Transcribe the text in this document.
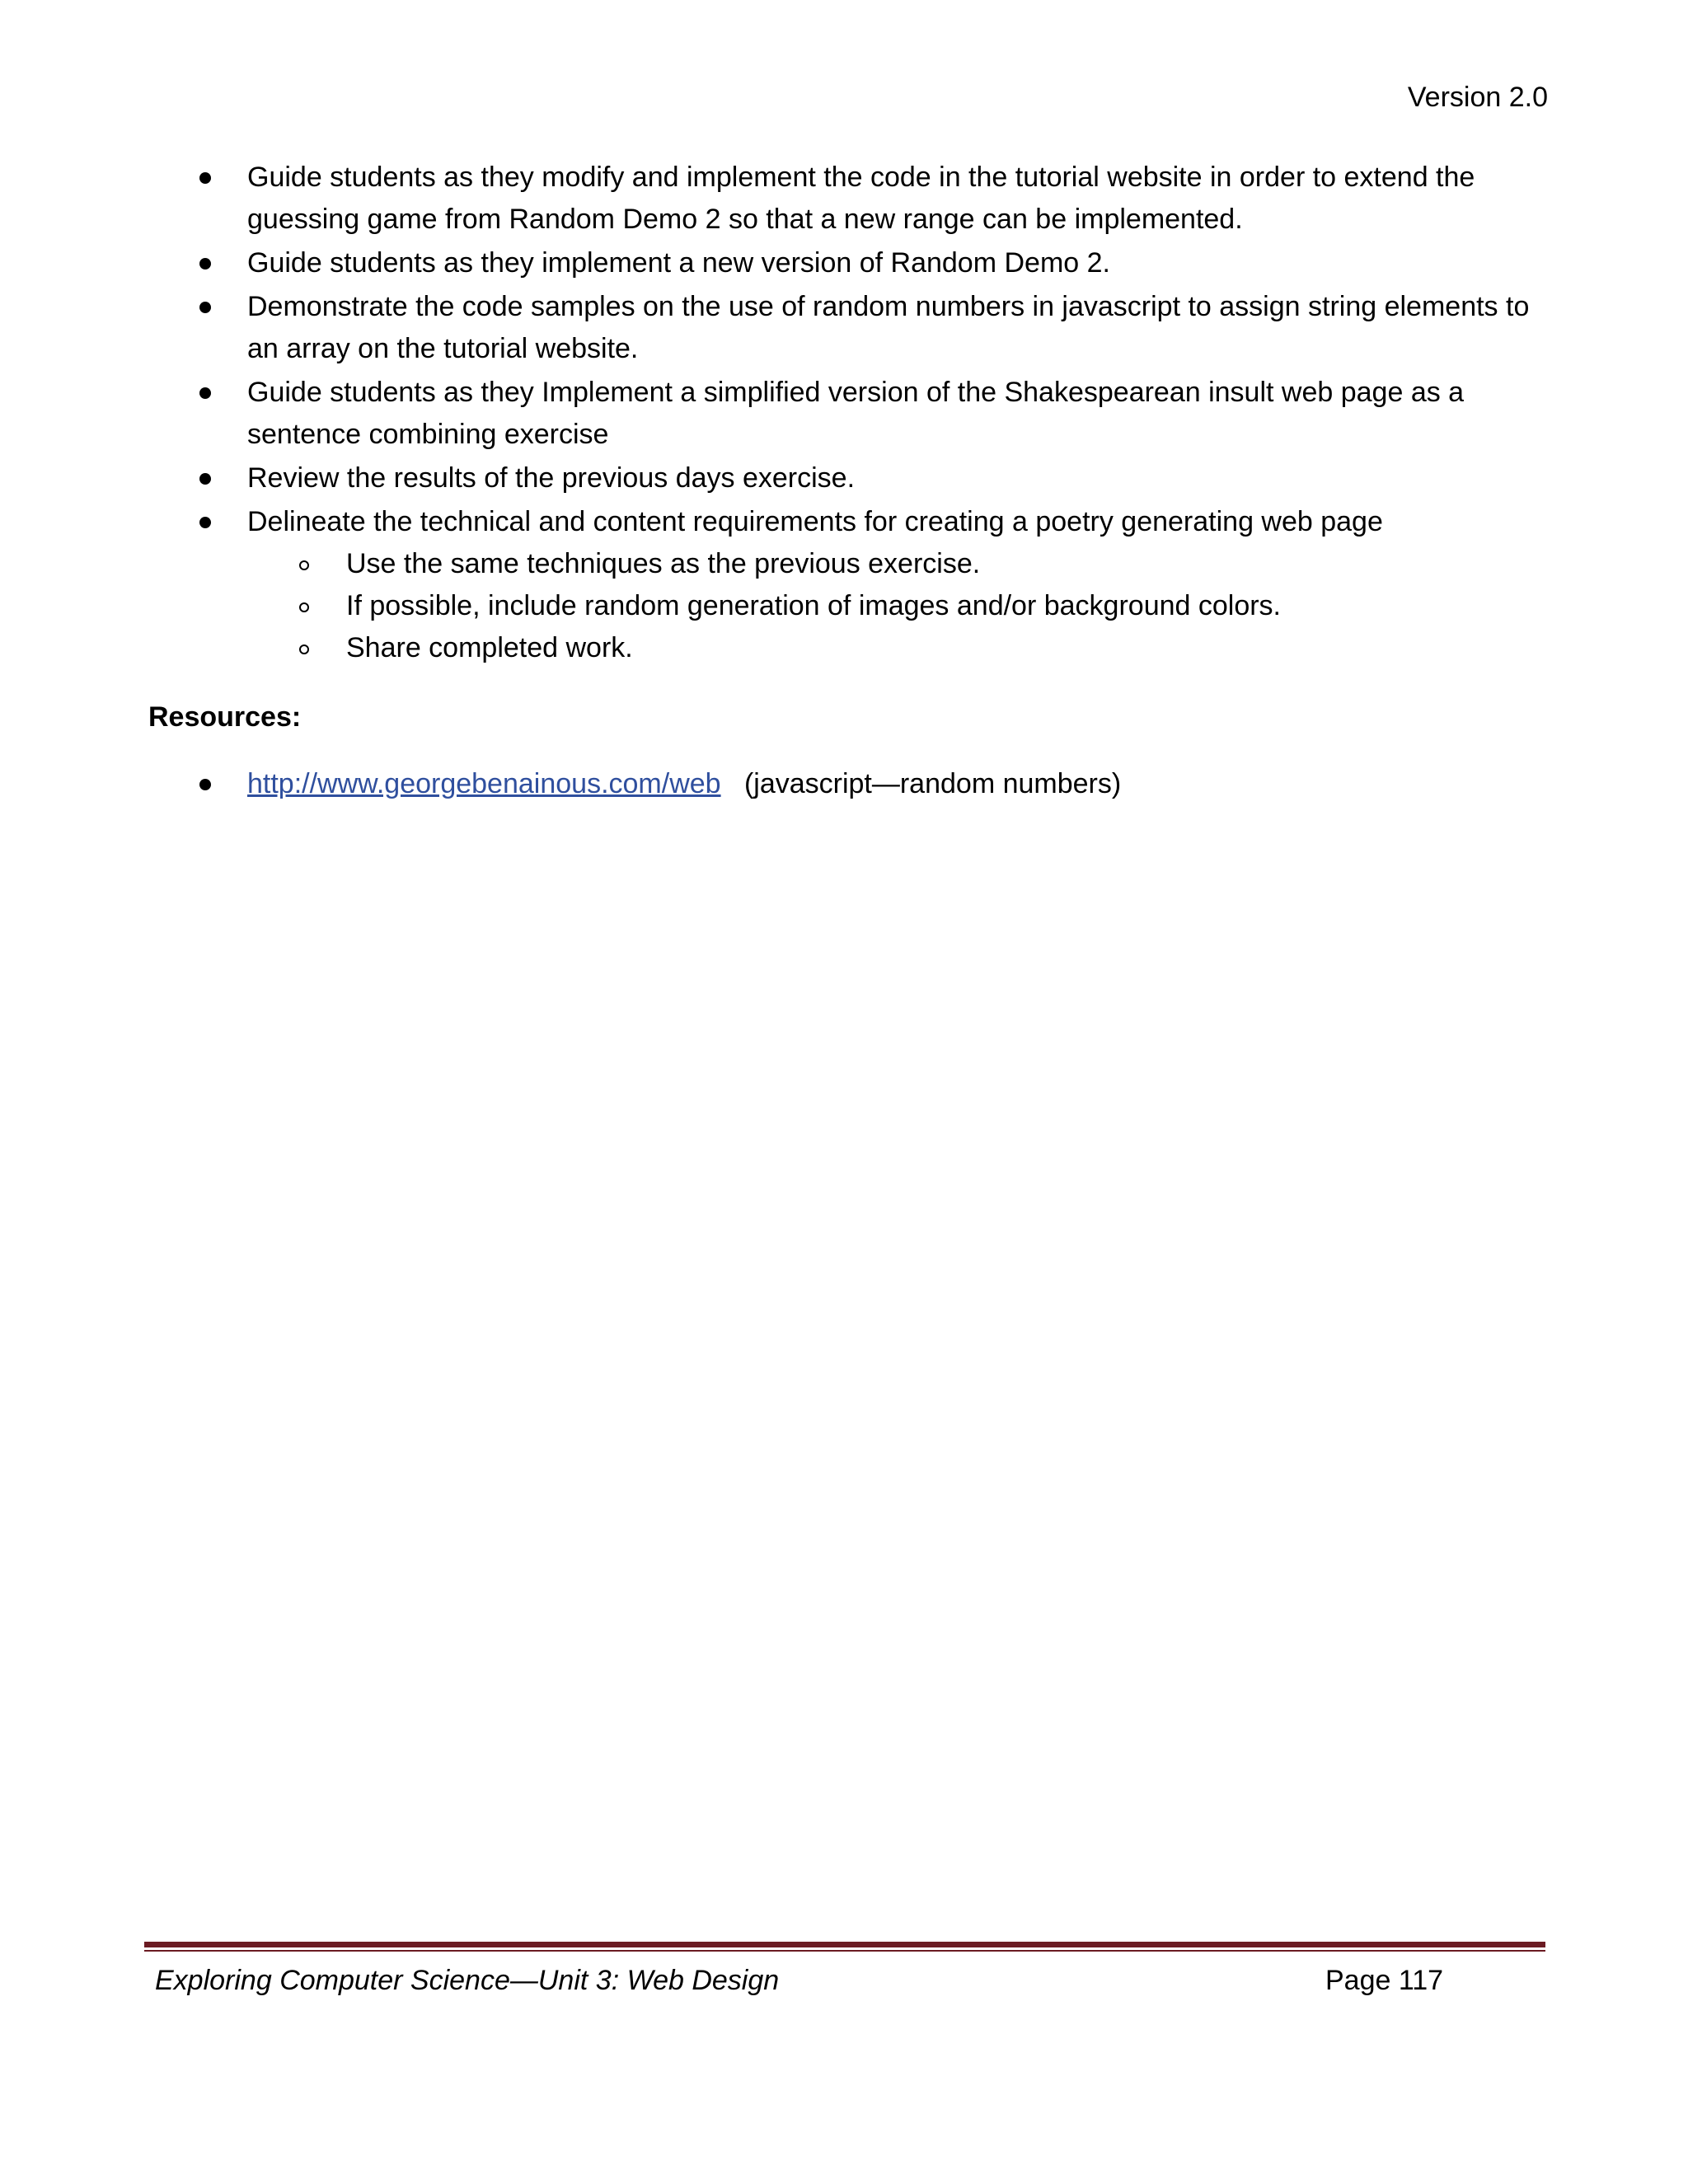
Version 2.0
Guide students as they modify and implement the code in the tutorial website in order to extend the guessing game from Random Demo 2 so that a new range can be implemented.
Guide students as they implement a new version of Random Demo 2.
Demonstrate the code samples on the use of random numbers in javascript to assign string elements to an array on the tutorial website.
Guide students as they Implement a simplified version of the Shakespearean insult web page as a sentence combining exercise
Review the results of the previous days exercise.
Delineate the technical and content requirements for creating a poetry generating web page
Use the same techniques as the previous exercise.
If possible, include random generation of images and/or background colors.
Share completed work.
Resources:
http://www.georgebenainous.com/web (javascript—random numbers)
Exploring Computer Science—Unit 3: Web Design	Page 117
